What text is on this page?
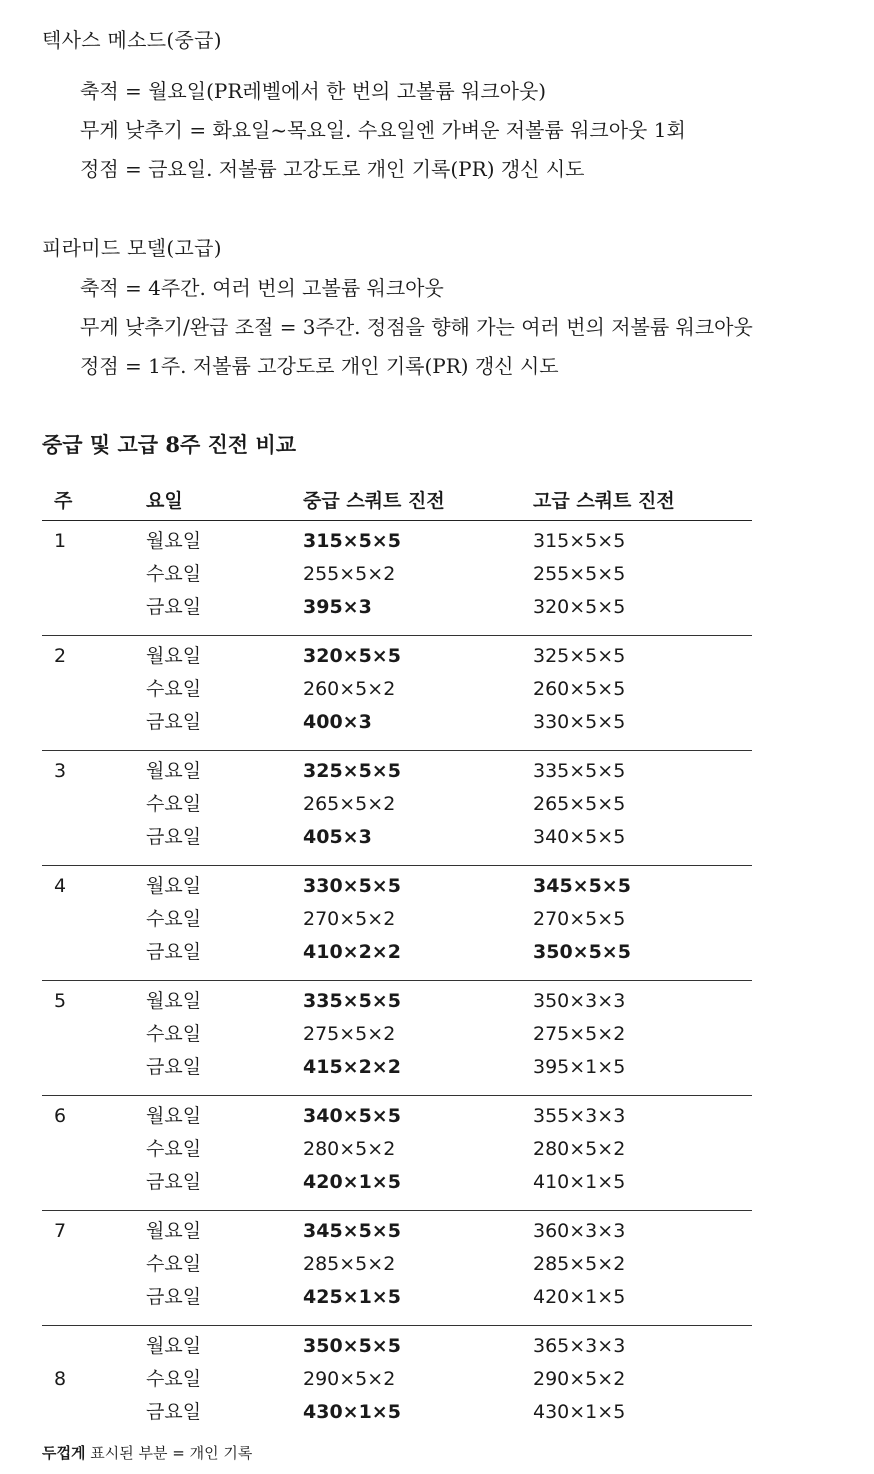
텍사스 메소드(중급)
축적 = 월요일(PR레벨에서 한 번의 고볼륨 워크아웃)
무게 낮추기 = 화요일~목요일. 수요일엔 가벼운 저볼륨 워크아웃 1회
정점 = 금요일. 저볼륨 고강도로 개인 기록(PR) 갱신 시도
피라미드 모델(고급)
축적 = 4주간. 여러 번의 고볼륨 워크아웃
무게 낮추기/완급 조절 = 3주간. 정점을 향해 가는 여러 번의 저볼륨 워크아웃
정점 = 1주. 저볼륨 고강도로 개인 기록(PR) 갱신 시도
중급 및 고급 8주 진전 비교
주	요일	중급 스쿼트 진전	고급 스쿼트 진전
1	월요일	315×5×5	315×5×5
수요일	255×5×2	255×5×5
금요일	395×3	320×5×5
2	월요일	320×5×5	325×5×5
수요일	260×5×2	260×5×5
금요일	400×3	330×5×5
3	월요일	325×5×5	335×5×5
수요일	265×5×2	265×5×5
금요일	405×3	340×5×5
4	월요일	330×5×5	345×5×5
수요일	270×5×2	270×5×5
금요일	410×2×2	350×5×5
5	월요일	335×5×5	350×3×3
수요일	275×5×2	275×5×2
금요일	415×2×2	395×1×5
6	월요일	340×5×5	355×3×3
수요일	280×5×2	280×5×2
금요일	420×1×5	410×1×5
7	월요일	345×5×5	360×3×3
수요일	285×5×2	285×5×2
금요일	425×1×5	420×1×5
8
월요일	350×5×5	365×3×3
수요일	290×5×2	290×5×2
금요일	430×1×5	430×1×5
두껍게 표시된 부분 = 개인 기록
